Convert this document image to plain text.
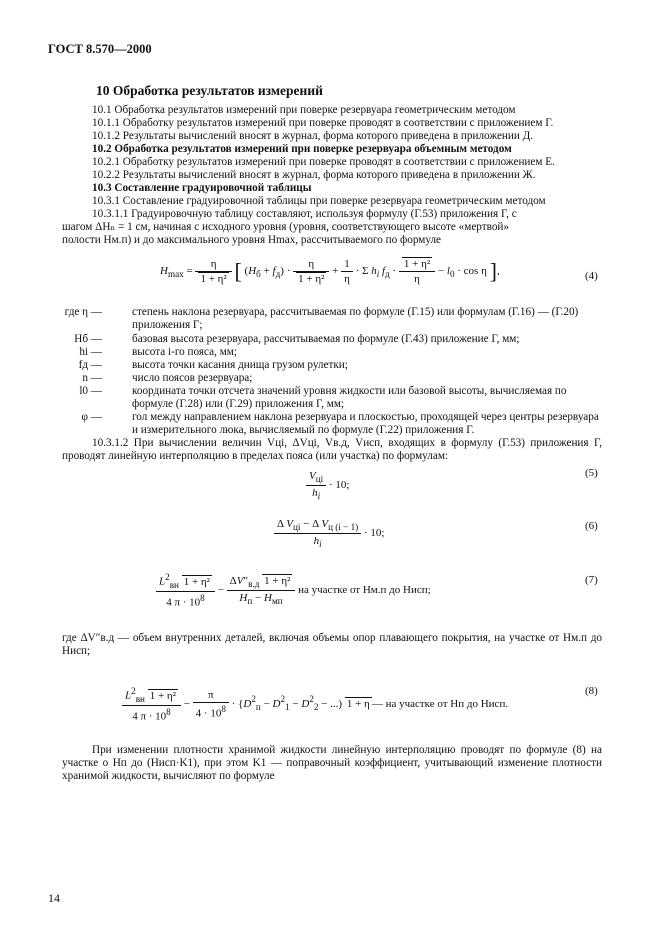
ГОСТ 8.570—2000
10 Обработка результатов измерений
10.1 Обработка результатов измерений при поверке резервуара геометрическим методом
10.1.1 Обработку результатов измерений при поверке проводят в соответствии с приложением Г.
10.1.2 Результаты вычислений вносят в журнал, форма которого приведена в приложении Д.
10.2 Обработка результатов измерений при поверке резервуара объемным методом
10.2.1 Обработку результатов измерений при поверке проводят в соответствии с приложением Е.
10.2.2 Результаты вычислений вносят в журнал, форма которого приведена в приложении Ж.
10.3 Составление градуировочной таблицы
10.3.1 Составление градуировочной таблицы при поверке резервуара геометрическим методом
10.3.1.1 Градуировочную таблицу составляют, используя формулу (Г.53) приложения Г, с
шагом ΔHₙ = 1 см, начиная с исходного уровня (уровня, соответствующего высоте «мертвой»
полости Hм.п) и до максимального уровня Hmax, рассчитываемого по формуле
$H_{max} = \frac{\eta}{\text{1 + η²}}$ [ $(H_б + f_д) \cdot \frac{\eta}{\text{1 + η²}} + \frac{1}{\eta} \cdot \Sigma$ $h_i$ $f_д \cdot \frac{\text{1 + η²}}{\eta} - l_0 \cdot \cos \eta$ ],	(4)
где η —	степень наклона резервуара, рассчитываемая по формуле (Г.15) или формулам (Г.16) — (Г.20) приложения Г;
Hб —	базовая высота резервуара, рассчитываемая по формуле (Г.43) приложение Г, мм;
hi —	высота i-го пояса, мм;
fд —	высота точки касания днища грузом рулетки;
n —	число поясов резервуара;
l0 —	координата точки отсчета значений уровня жидкости или базовой высоты, вычисляемая по формуле (Г.28) или (Г.29) приложения Г, мм;
φ —	гол между направлением наклона резервуара и плоскостью, проходящей через центры резервуара и измерительного люка, вычисляемый по формуле (Г.22) приложения Г.
10.3.1.2 При вычислении величин Vці, ΔVці, Vв.д, Vисп, входящих в формулу (Г.53) приложения Г, проводят линейную интерполяцию в пределах пояса (или участка) по формулам:
$\frac{V_{цi}}{h_i} \cdot 10$;
(5)
$\frac{\Delta V_{цi} - \Delta V_{ц (i - 1)}}{h_i} \cdot 10$;
(6)
$\frac{L^2_{вн} 1 + \eta^2}{4 \pi \cdot 10^8} - \frac{\Delta V''_{в.д} 1 + \eta^2}{H_п - H_{мп}}$ на участке от Hм.п до Hисп;
(7)
где ΔV″в.д — объем внутренних деталей, включая объемы опор плавающего покрытия, на участке от Hм.п до Hисп;
$\frac{L^2_{вн} 1 + \eta^2}{4 \pi \cdot 10^8} - \frac{\pi}{4 \cdot 10^8} \cdot \{D^2_п - D^2_1 - D^2_2$ − ...) 1 + η — на участке от Hп до Hисп.
(8)
При изменении плотности хранимой жидкости линейную интерполяцию проводят по формуле (8) на участке о Hп до (Hисп·K1), при этом K1 — поправочный коэффициент, учитывающий изменение плотности хранимой жидкости, вычисляют по формуле
14
